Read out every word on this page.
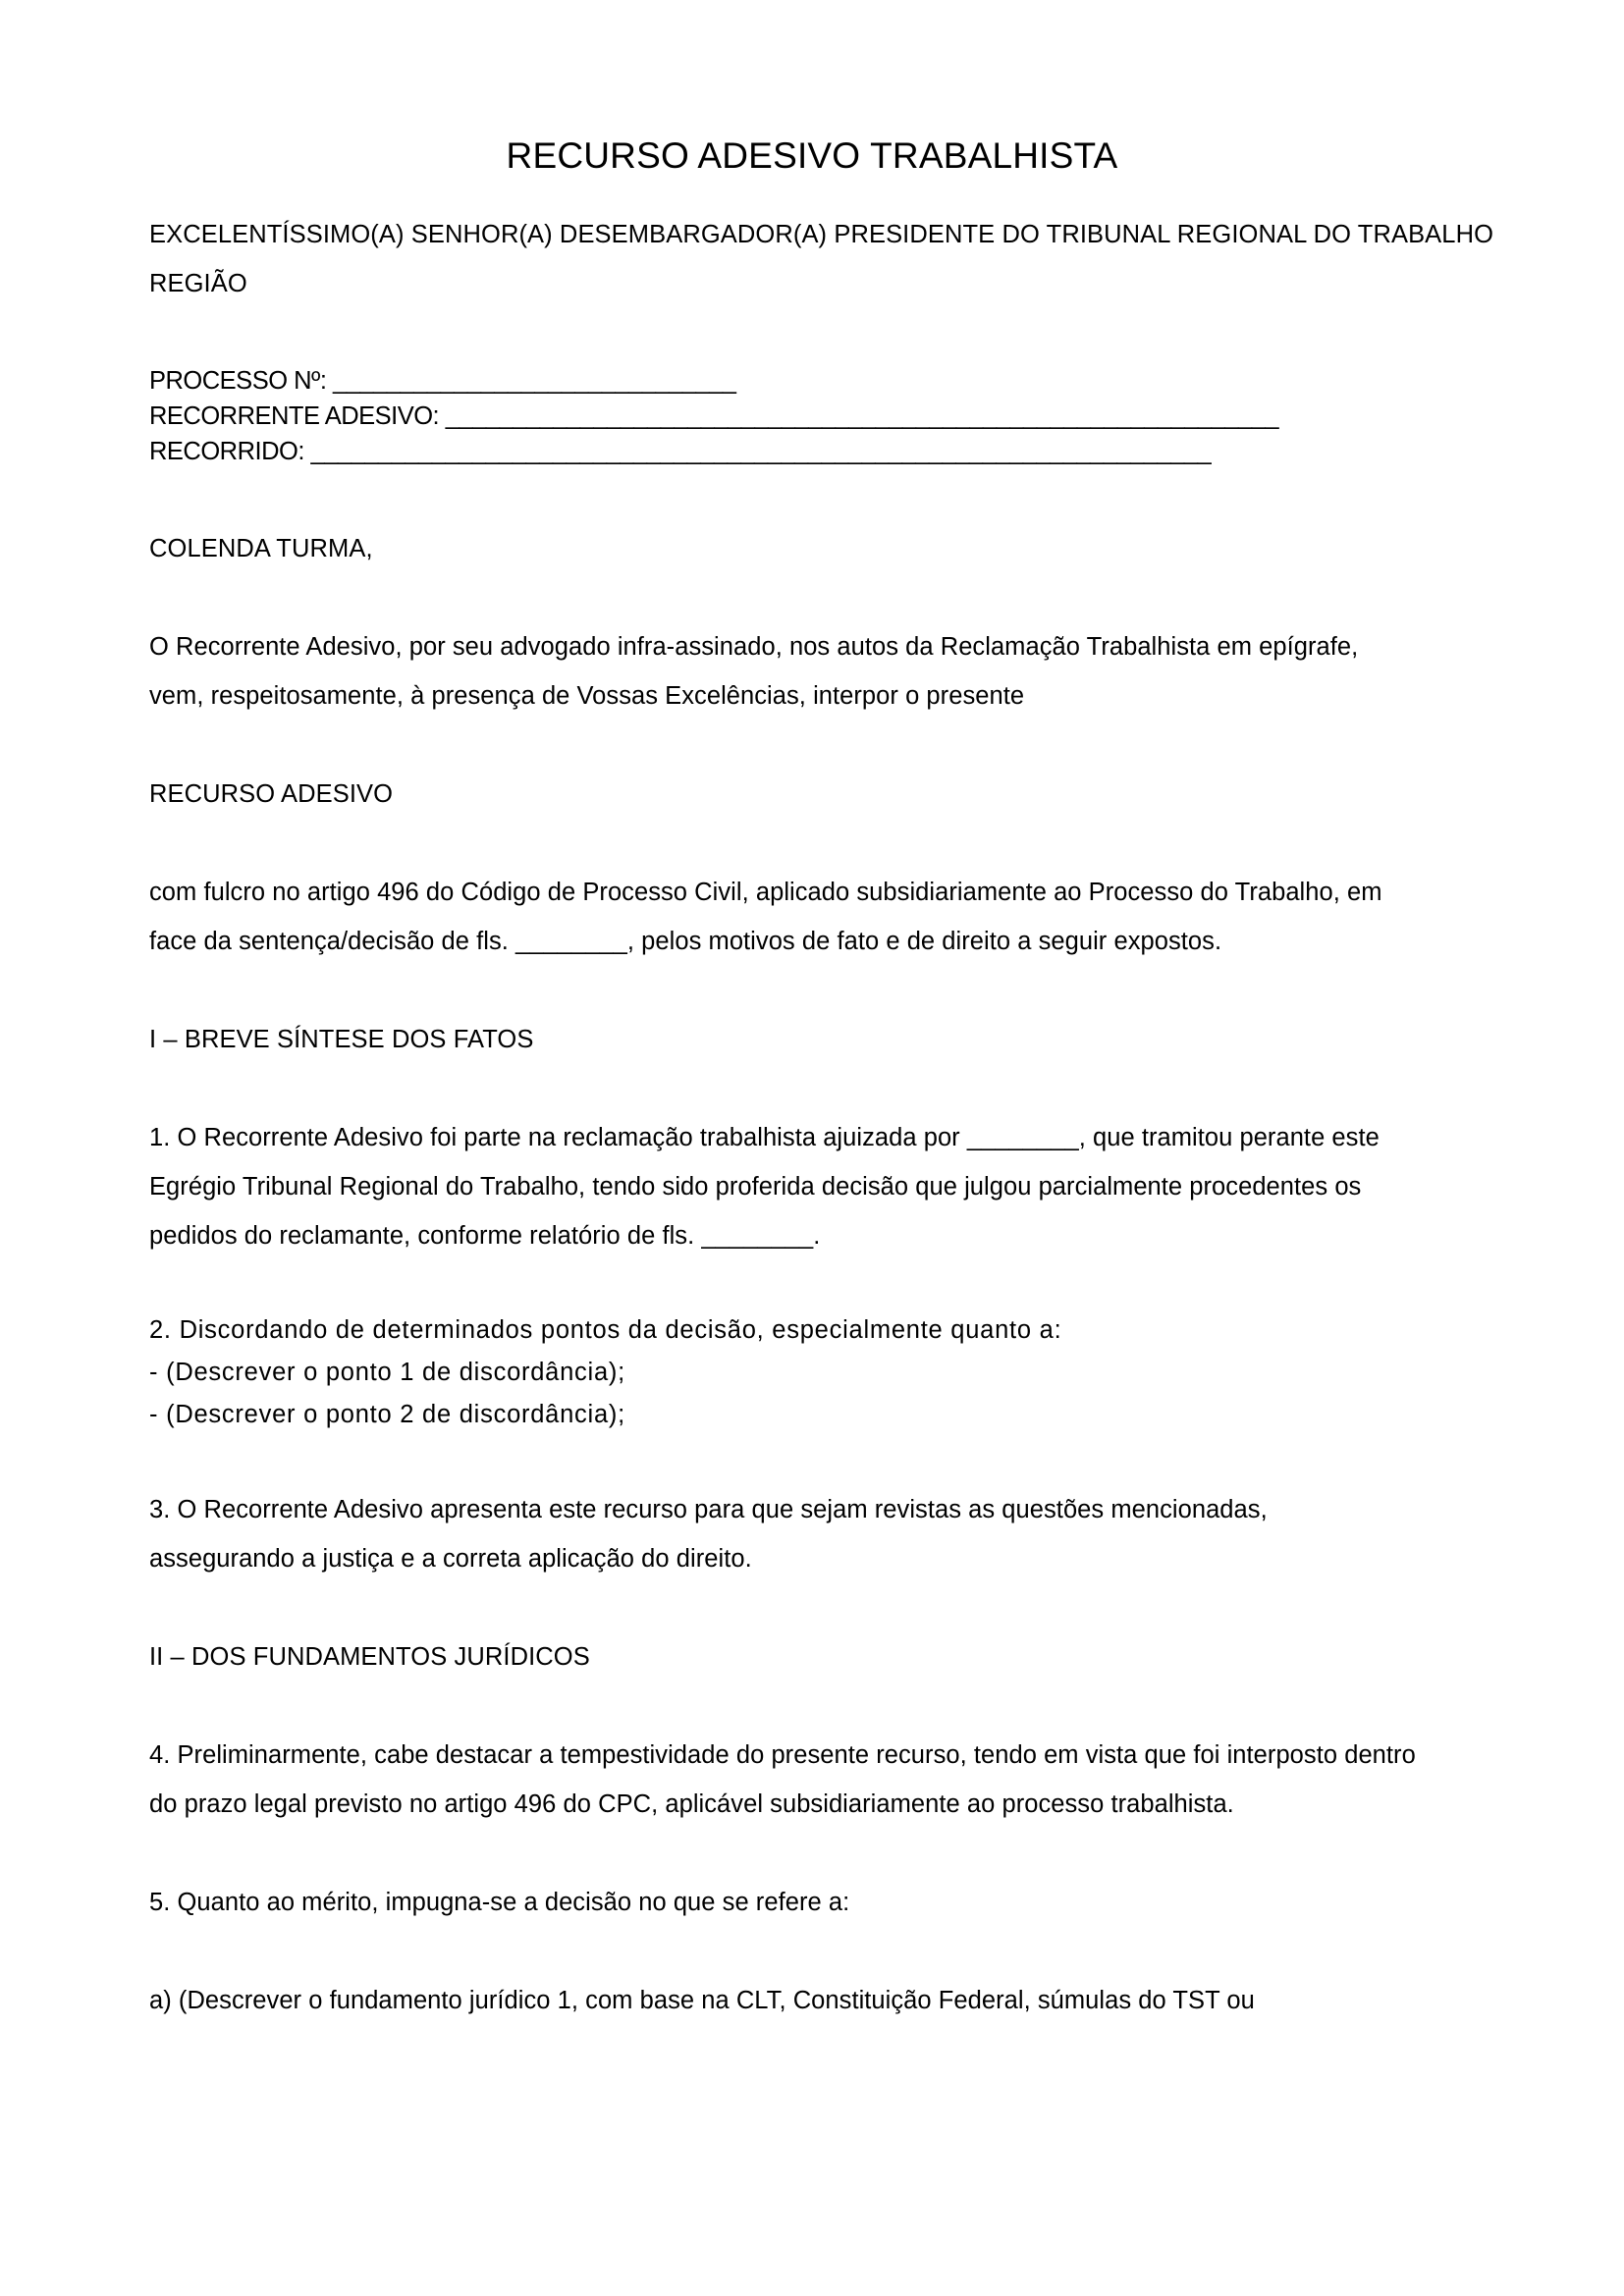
RECURSO ADESIVO TRABALHISTA
EXCELENTÍSSIMO(A) SENHOR(A) DESEMBARGADOR(A) PRESIDENTE DO TRIBUNAL REGIONAL DO TRABALHO
REGIÃO
PROCESSO Nº: ______________________________
RECORRENTE ADESIVO: ______________________________________________________________
RECORRIDO: ___________________________________________________________________

COLENDA TURMA,

O Recorrente Adesivo, por seu advogado infra-assinado, nos autos da Reclamação Trabalhista em epígrafe, vem, respeitosamente, à presença de Vossas Excelências, interpor o presente

RECURSO ADESIVO

com fulcro no artigo 496 do Código de Processo Civil, aplicado subsidiariamente ao Processo do Trabalho, em face da sentença/decisão de fls. ________, pelos motivos de fato e de direito a seguir expostos.

I – BREVE SÍNTESE DOS FATOS

1. O Recorrente Adesivo foi parte na reclamação trabalhista ajuizada por ________, que tramitou perante este Egrégio Tribunal Regional do Trabalho, tendo sido proferida decisão que julgou parcialmente procedentes os pedidos do reclamante, conforme relatório de fls. ________.

2. Discordando de determinados pontos da decisão, especialmente quanto a:

- (Descrever o ponto 1 de discordância);

- (Descrever o ponto 2 de discordância);

3. O Recorrente Adesivo apresenta este recurso para que sejam revistas as questões mencionadas, assegurando a justiça e a correta aplicação do direito.

II – DOS FUNDAMENTOS JURÍDICOS

4. Preliminarmente, cabe destacar a tempestividade do presente recurso, tendo em vista que foi interposto dentro do prazo legal previsto no artigo 496 do CPC, aplicável subsidiariamente ao processo trabalhista.

5. Quanto ao mérito, impugna-se a decisão no que se refere a:

a) (Descrever o fundamento jurídico 1, com base na CLT, Constituição Federal, súmulas do TST ou
